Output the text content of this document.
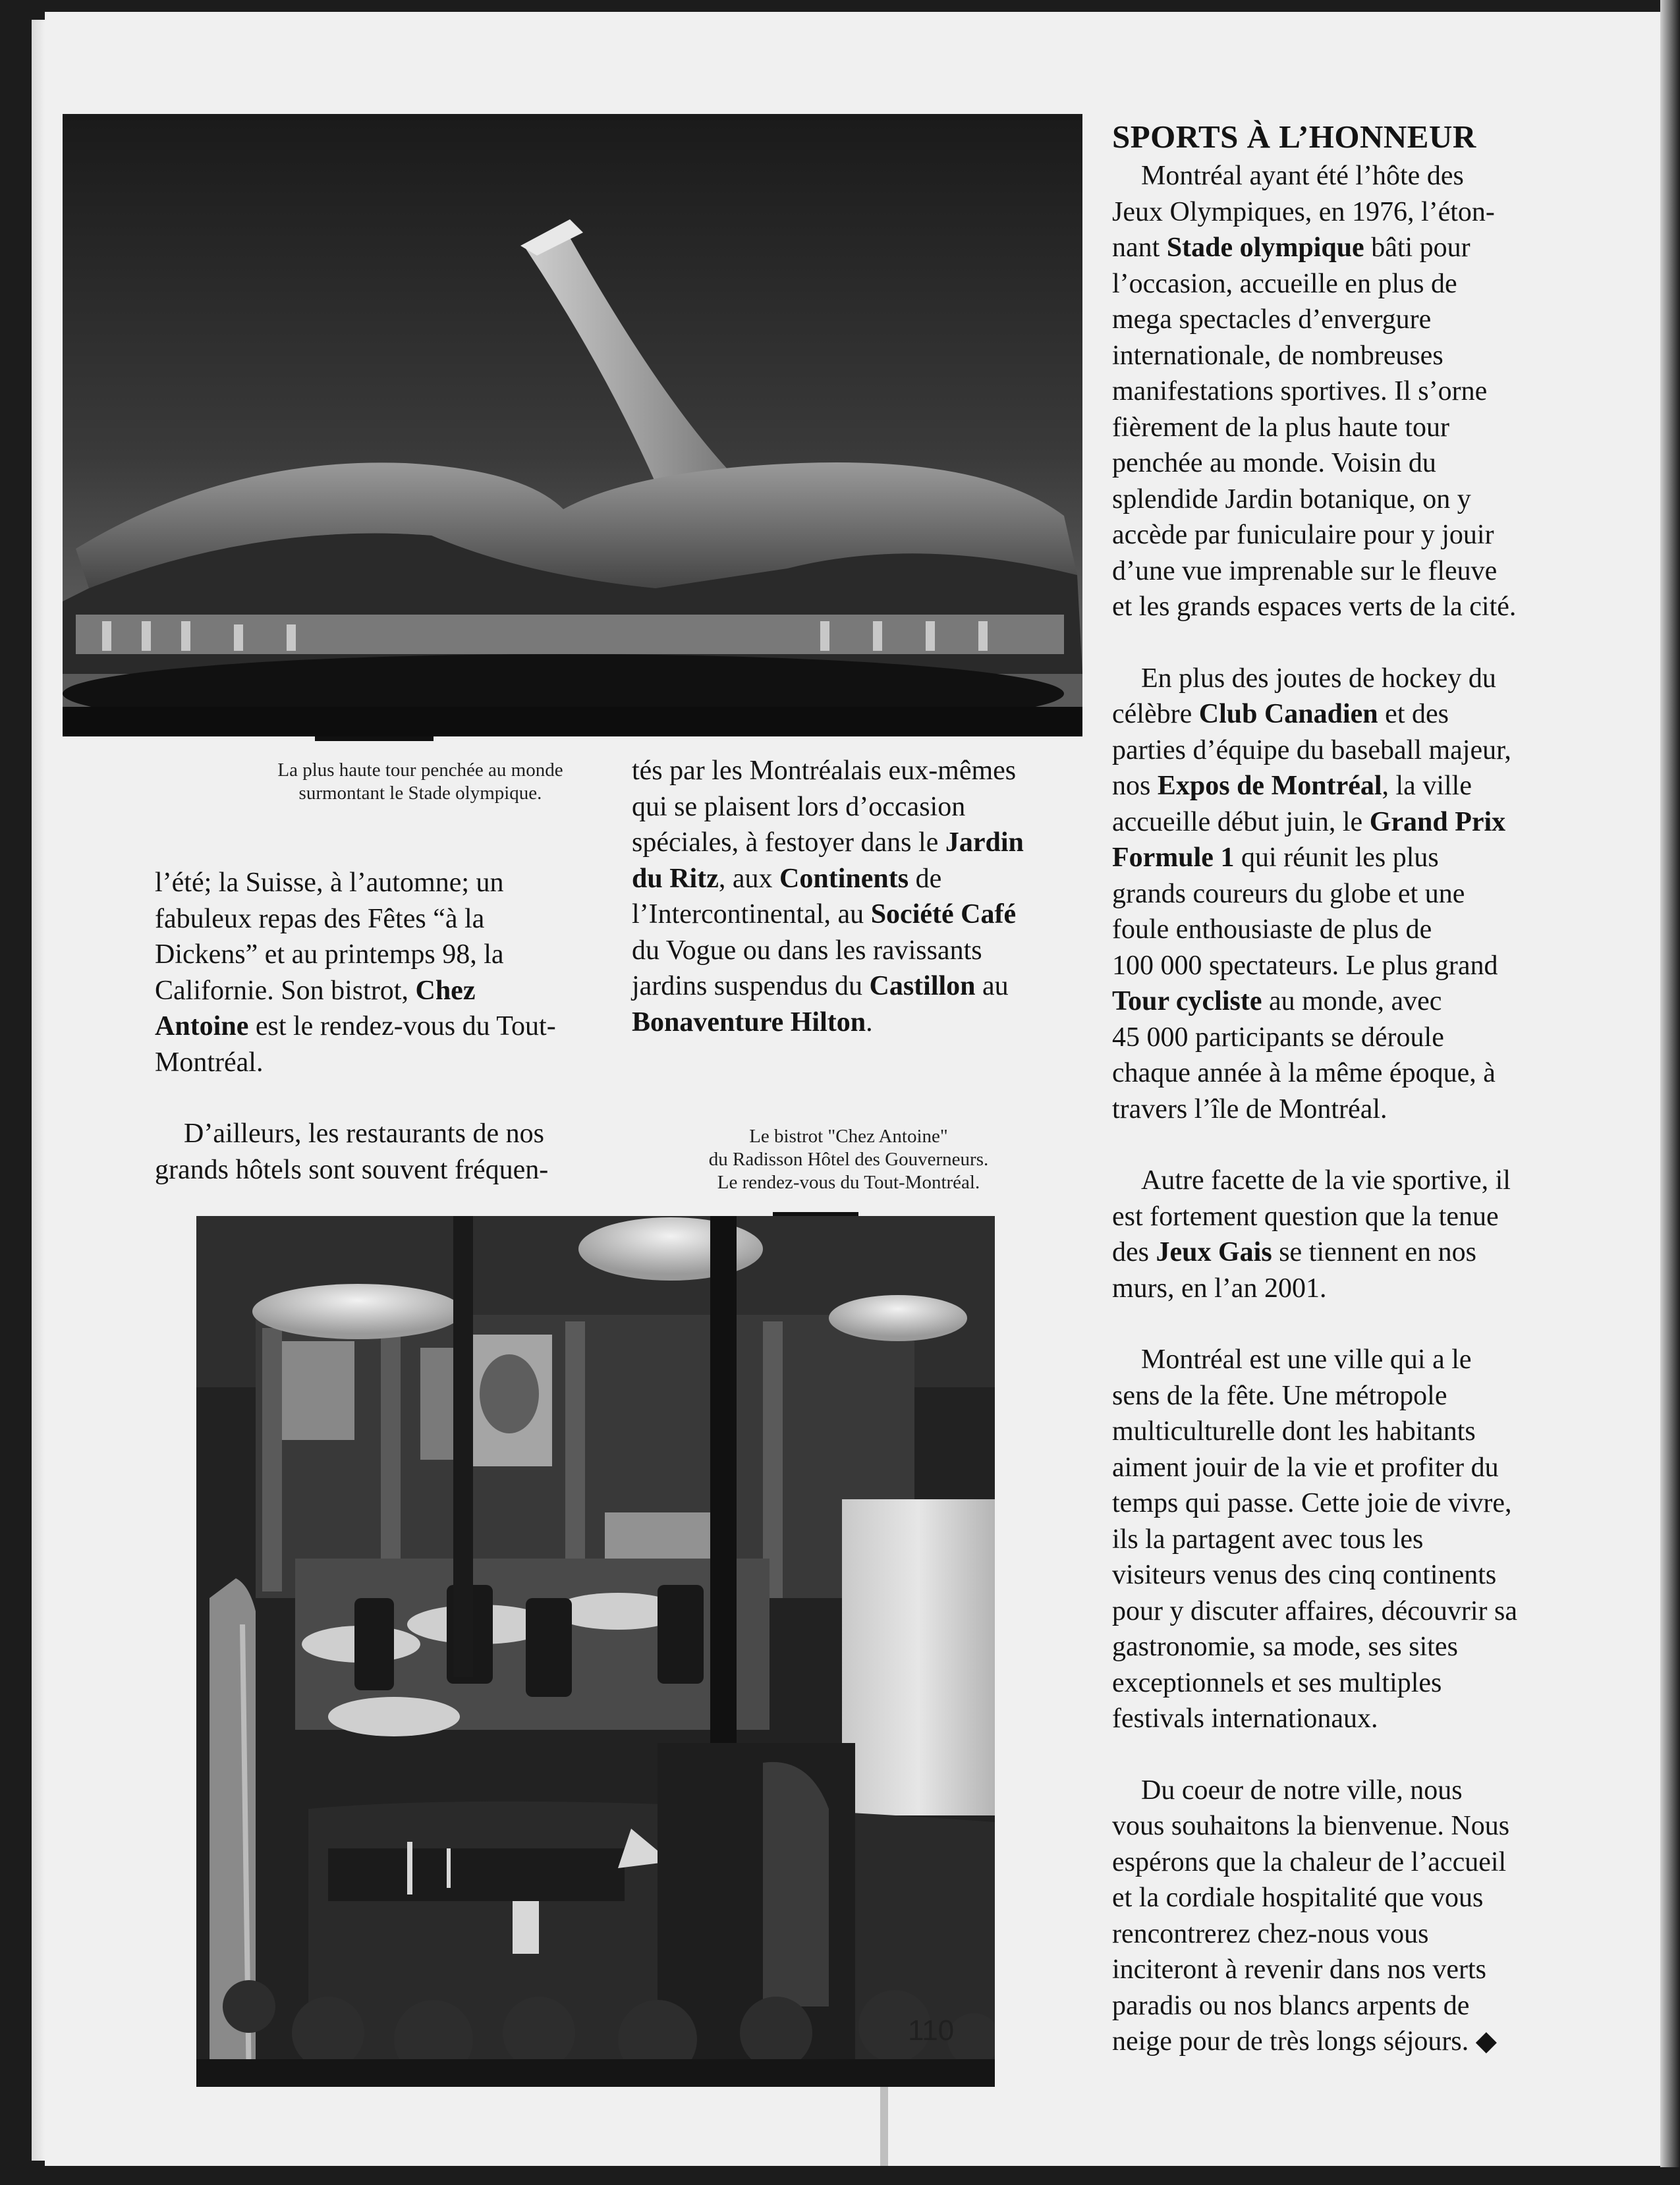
La plus haute tour penchée au monde
surmontant le Stade olympique.

l’été; la Suisse, à l’automne; un
fabuleux repas des Fêtes “à la
Dickens” et au printemps 98, la
Californie. Son bistrot, Chez
Antoine est le rendez-vous du Tout-
Montréal.

D’ailleurs, les restaurants de nos
grands hôtels sont souvent fréquen-

tés par les Montréalais eux-mêmes
qui se plaisent lors d’occasion
spéciales, à festoyer dans le Jardin
du Ritz, aux Continents de
l’Intercontinental, au Société Café
du Vogue ou dans les ravissants
jardins suspendus du Castillon au
Bonaventure Hilton.

Le bistrot "Chez Antoine"
du Radisson Hôtel des Gouverneurs.
Le rendez-vous du Tout-Montréal.
SPORTS À L’HONNEUR

Montréal ayant été l’hôte des
Jeux Olympiques, en 1976, l’éton-
nant Stade olympique bâti pour
l’occasion, accueille en plus de
mega spectacles d’envergure
internationale, de nombreuses
manifestations sportives. Il s’orne
fièrement de la plus haute tour
penchée au monde. Voisin du
splendide Jardin botanique, on y
accède par funiculaire pour y jouir
d’une vue imprenable sur le fleuve
et les grands espaces verts de la cité.

En plus des joutes de hockey du
célèbre Club Canadien et des
parties d’équipe du baseball majeur,
nos Expos de Montréal, la ville
accueille début juin, le Grand Prix
Formule 1 qui réunit les plus
grands coureurs du globe et une
foule enthousiaste de plus de
100 000 spectateurs. Le plus grand
Tour cycliste au monde, avec
45 000 participants se déroule
chaque année à la même époque, à
travers l’île de Montréal.

Autre facette de la vie sportive, il
est fortement question que la tenue
des Jeux Gais se tiennent en nos
murs, en l’an 2001.

Montréal est une ville qui a le
sens de la fête. Une métropole
multiculturelle dont les habitants
aiment jouir de la vie et profiter du
temps qui passe. Cette joie de vivre,
ils la partagent avec tous les
visiteurs venus des cinq continents
pour y discuter affaires, découvrir sa
gastronomie, sa mode, ses sites
exceptionnels et ses multiples
festivals internationaux.

Du coeur de notre ville, nous
vous souhaitons la bienvenue. Nous
espérons que la chaleur de l’accueil
et la cordiale hospitalité que vous
rencontrerez chez-nous vous
inciteront à revenir dans nos verts
paradis ou nos blancs arpents de
neige pour de très longs séjours. ◆

110
